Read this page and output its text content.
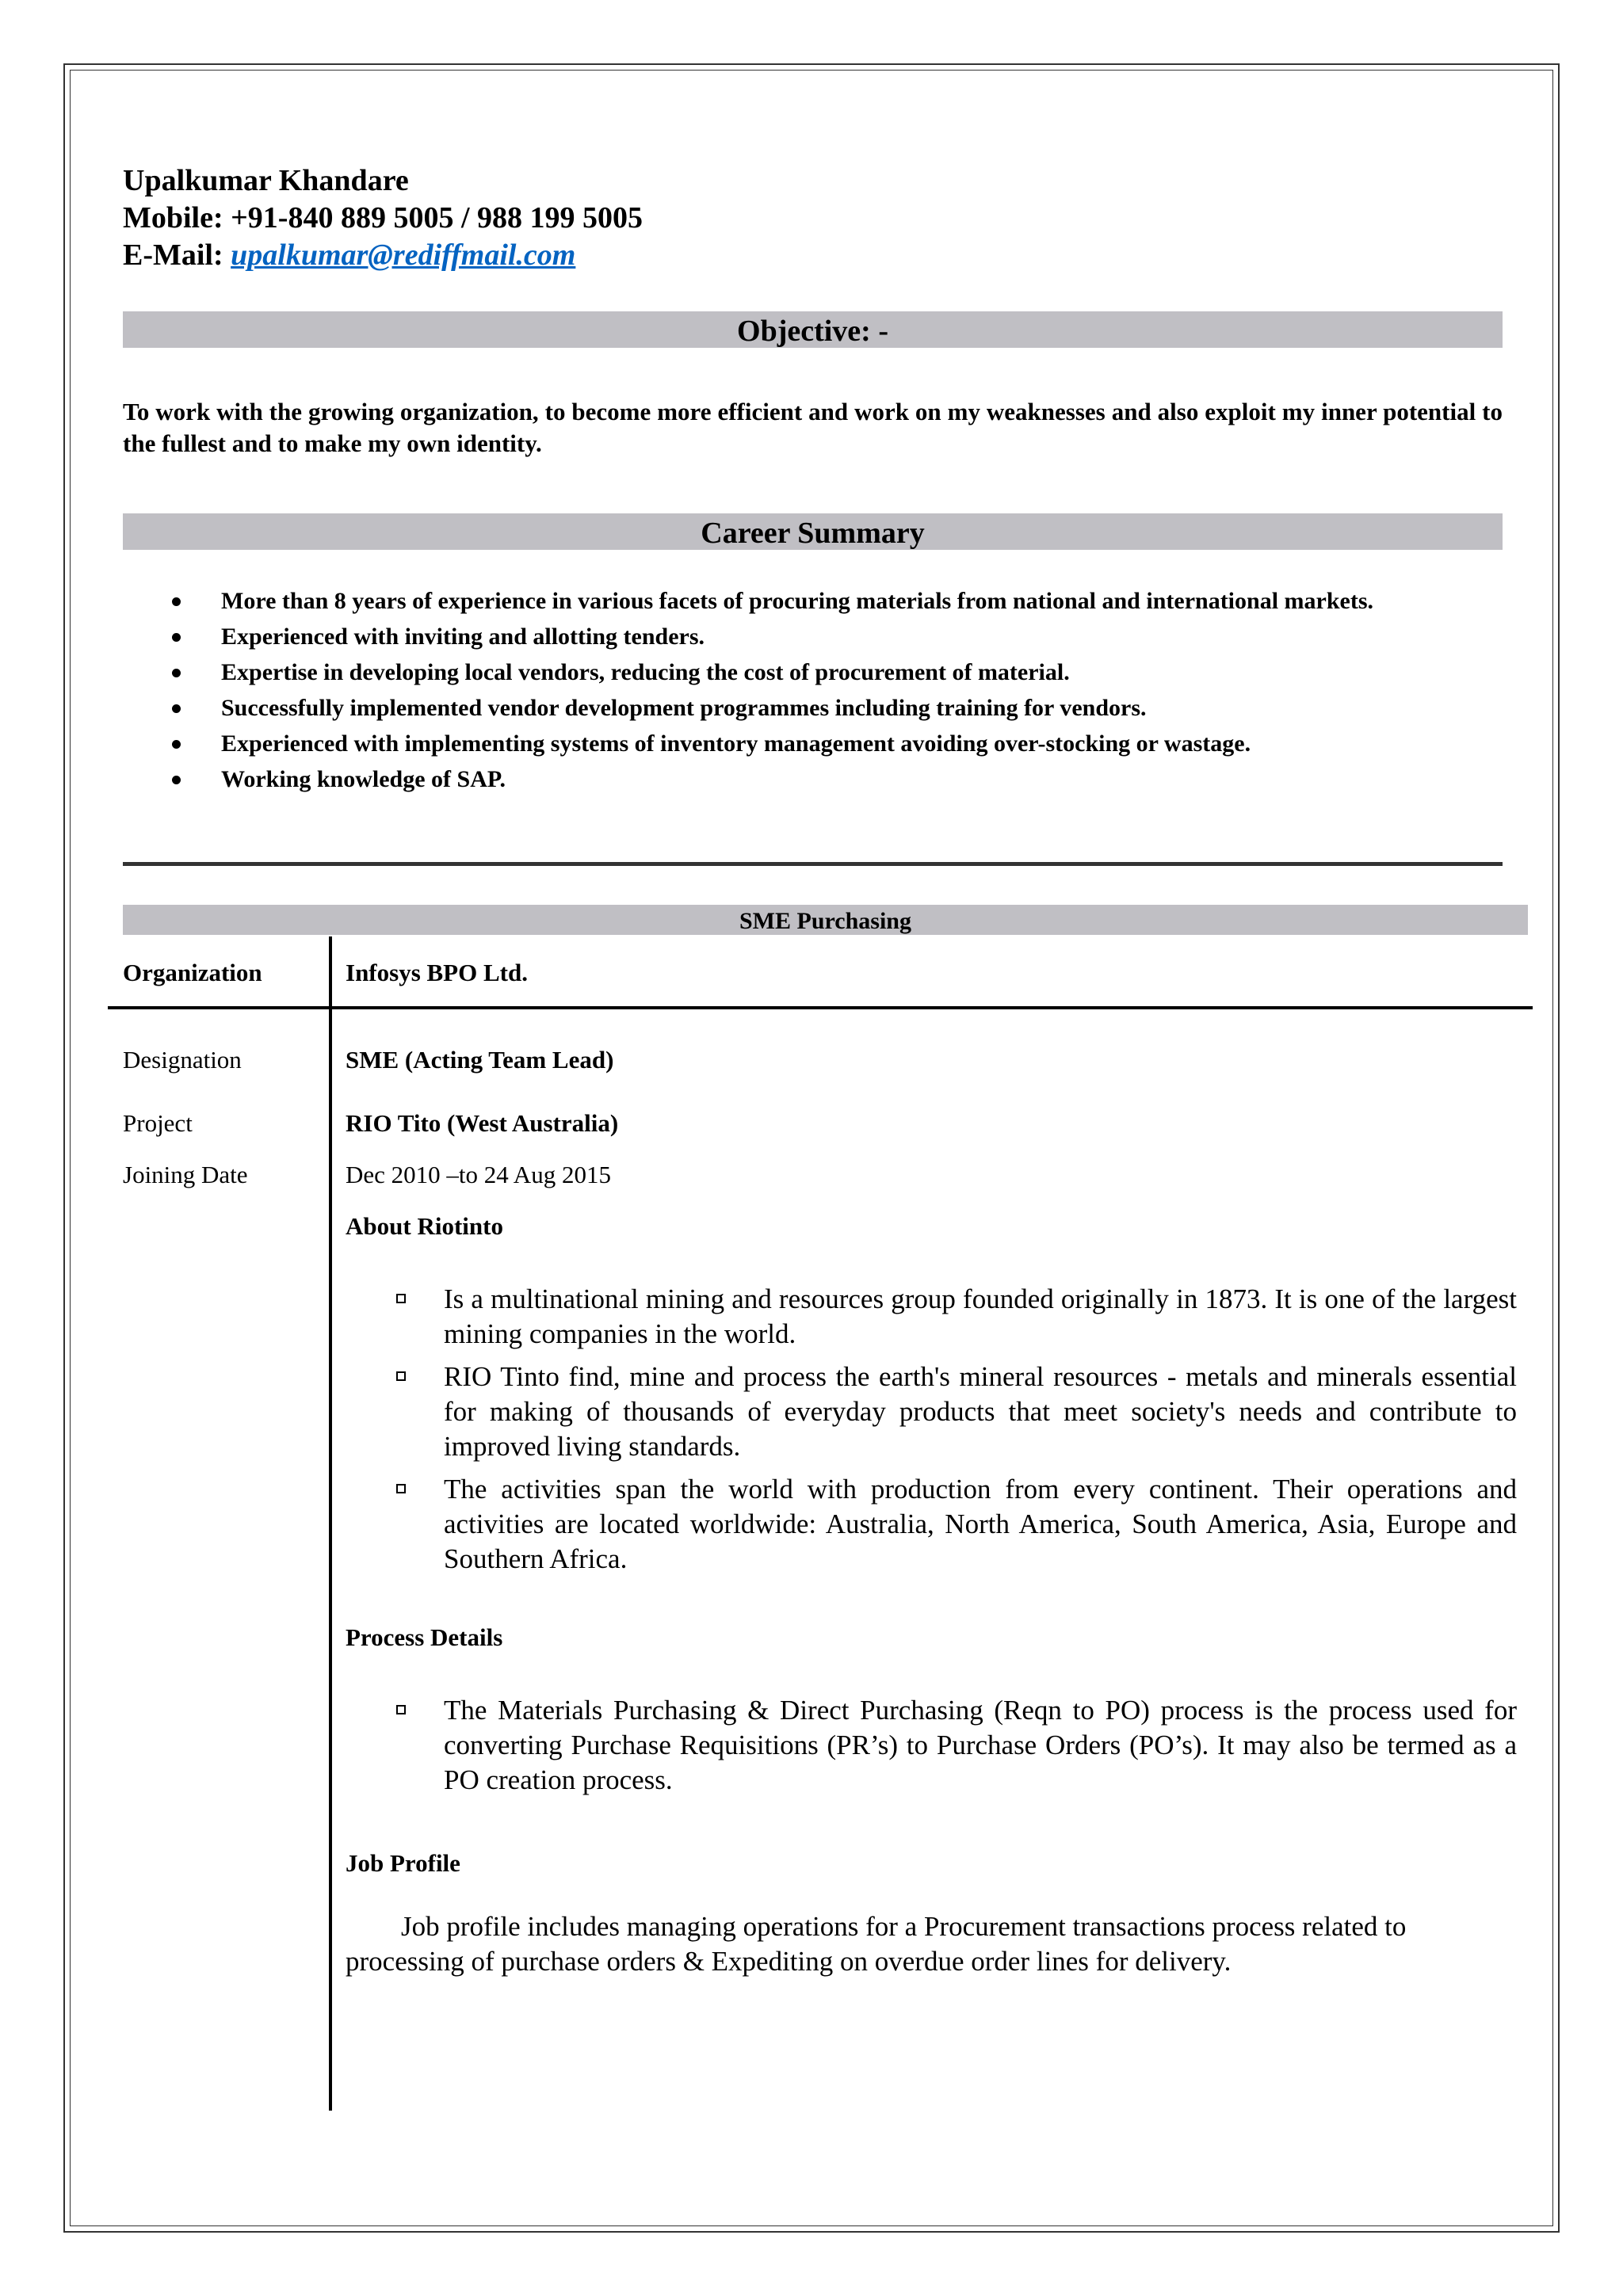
Upalkumar Khandare
Mobile: +91-840 889 5005 / 988 199 5005
E-Mail: upalkumar@rediffmail.com
Objective: -
To work with the growing organization, to become more efficient and work on my weaknesses and also exploit my inner potential to the fullest and to make my own identity.
Career Summary
More than 8 years of experience in various facets of procuring materials from national and international markets.
Experienced with inviting and allotting tenders.
Expertise in developing local vendors, reducing the cost of procurement of material.
Successfully implemented vendor development programmes including training for vendors.
Experienced with implementing systems of inventory management avoiding over-stocking or wastage.
Working knowledge of SAP.
SME Purchasing
Organization	Infosys BPO Ltd.
Designation	SME (Acting Team Lead)
Project	RIO Tito (West Australia)
Joining Date	Dec 2010 –to 24 Aug 2015
About Riotinto
Is a multinational mining and resources group founded originally in 1873. It is one of the largest mining companies in the world.
RIO Tinto find, mine and process the earth's mineral resources - metals and minerals essential for making of thousands of everyday products that meet society's needs and contribute to improved living standards.
The activities span the world with production from every continent. Their operations and activities are located worldwide: Australia, North America, South America, Asia, Europe and Southern Africa.
Process Details
The Materials Purchasing & Direct Purchasing (Reqn to PO) process is the process used for converting Purchase Requisitions (PR’s) to Purchase Orders (PO’s). It may also be termed as a PO creation process.
Job Profile
Job profile includes managing operations for a Procurement transactions process related to processing of purchase orders & Expediting on overdue order lines for delivery.
